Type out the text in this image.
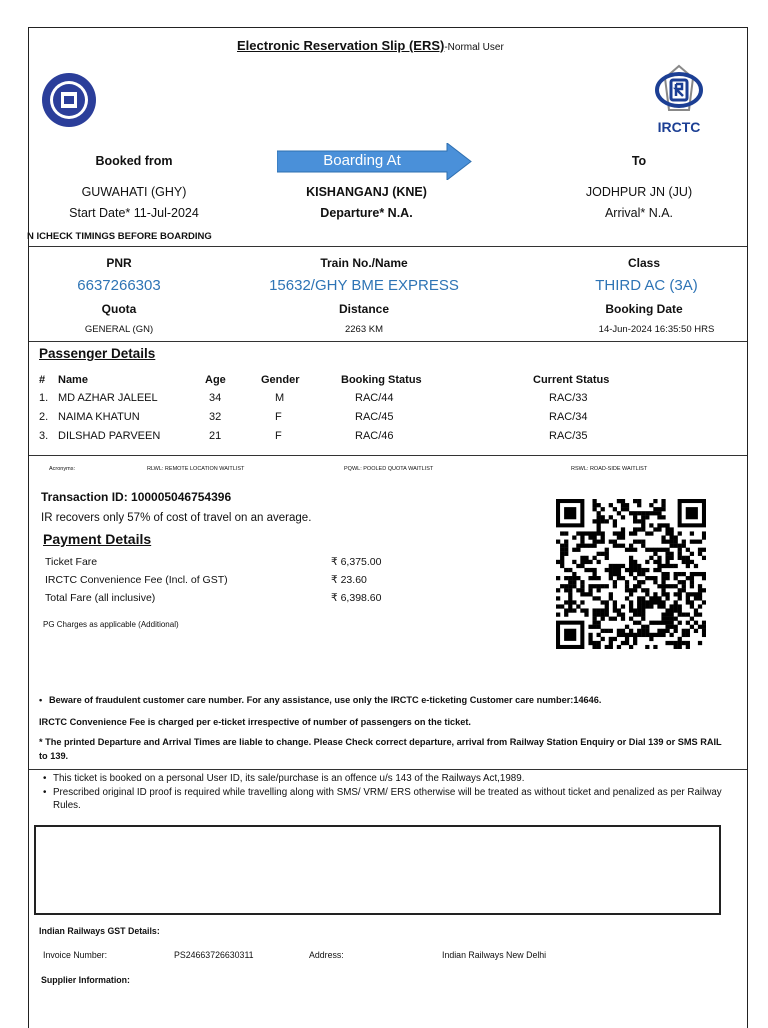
Electronic Reservation Slip (ERS)-Normal User
IRCTC
Booked from	Boarding At	To
GUWAHATI (GHY)	KISHANGANJ (KNE)	JODHPUR JN (JU)
Start Date* 11-Jul-2024	Departure* N.A.	Arrival* N.A.
N ICHECK TIMINGS BEFORE BOARDING
PNR	Train No./Name	Class
6637266303	15632/GHY BME EXPRESS	THIRD AC (3A)
Quota	Distance	Booking Date
GENERAL (GN)	2263 KM	14-Jun-2024 16:35:50 HRS
Passenger Details
# Name	Age	Gender	Booking Status	Current Status
1. MD AZHAR JALEEL	34	M	RAC/44	RAC/33
2. NAIMA KHATUN	32	F	RAC/45	RAC/34
3. DILSHAD PARVEEN	21	F	RAC/46	RAC/35
Acronyms:	RLWL: REMOTE LOCATION WAITLIST	PQWL: POOLED QUOTA WAITLIST	RSWL: ROAD-SIDE WAITLIST
Transaction ID: 100005046754396
IR recovers only 57% of cost of travel on an average.
Payment Details
Ticket Fare	₹ 6,375.00
IRCTC Convenience Fee (Incl. of GST)	₹ 23.60
Total Fare (all inclusive)	₹ 6,398.60
PG Charges as applicable (Additional)
• Beware of fraudulent customer care number. For any assistance, use only the IRCTC e-ticketing Customer care number:14646.
IRCTC Convenience Fee is charged per e-ticket irrespective of number of passengers on the ticket.
* The printed Departure and Arrival Times are liable to change. Please Check correct departure, arrival from Railway Station Enquiry or Dial 139 or SMS RAIL to 139.
• This ticket is booked on a personal User ID, its sale/purchase is an offence u/s 143 of the Railways Act,1989.
• Prescribed original ID proof is required while travelling along with SMS/ VRM/ ERS otherwise will be treated as without ticket and penalized as per Railway Rules.
Indian Railways GST Details:
Invoice Number:	PS24663726630311	Address:	Indian Railways New Delhi
Supplier Information:
